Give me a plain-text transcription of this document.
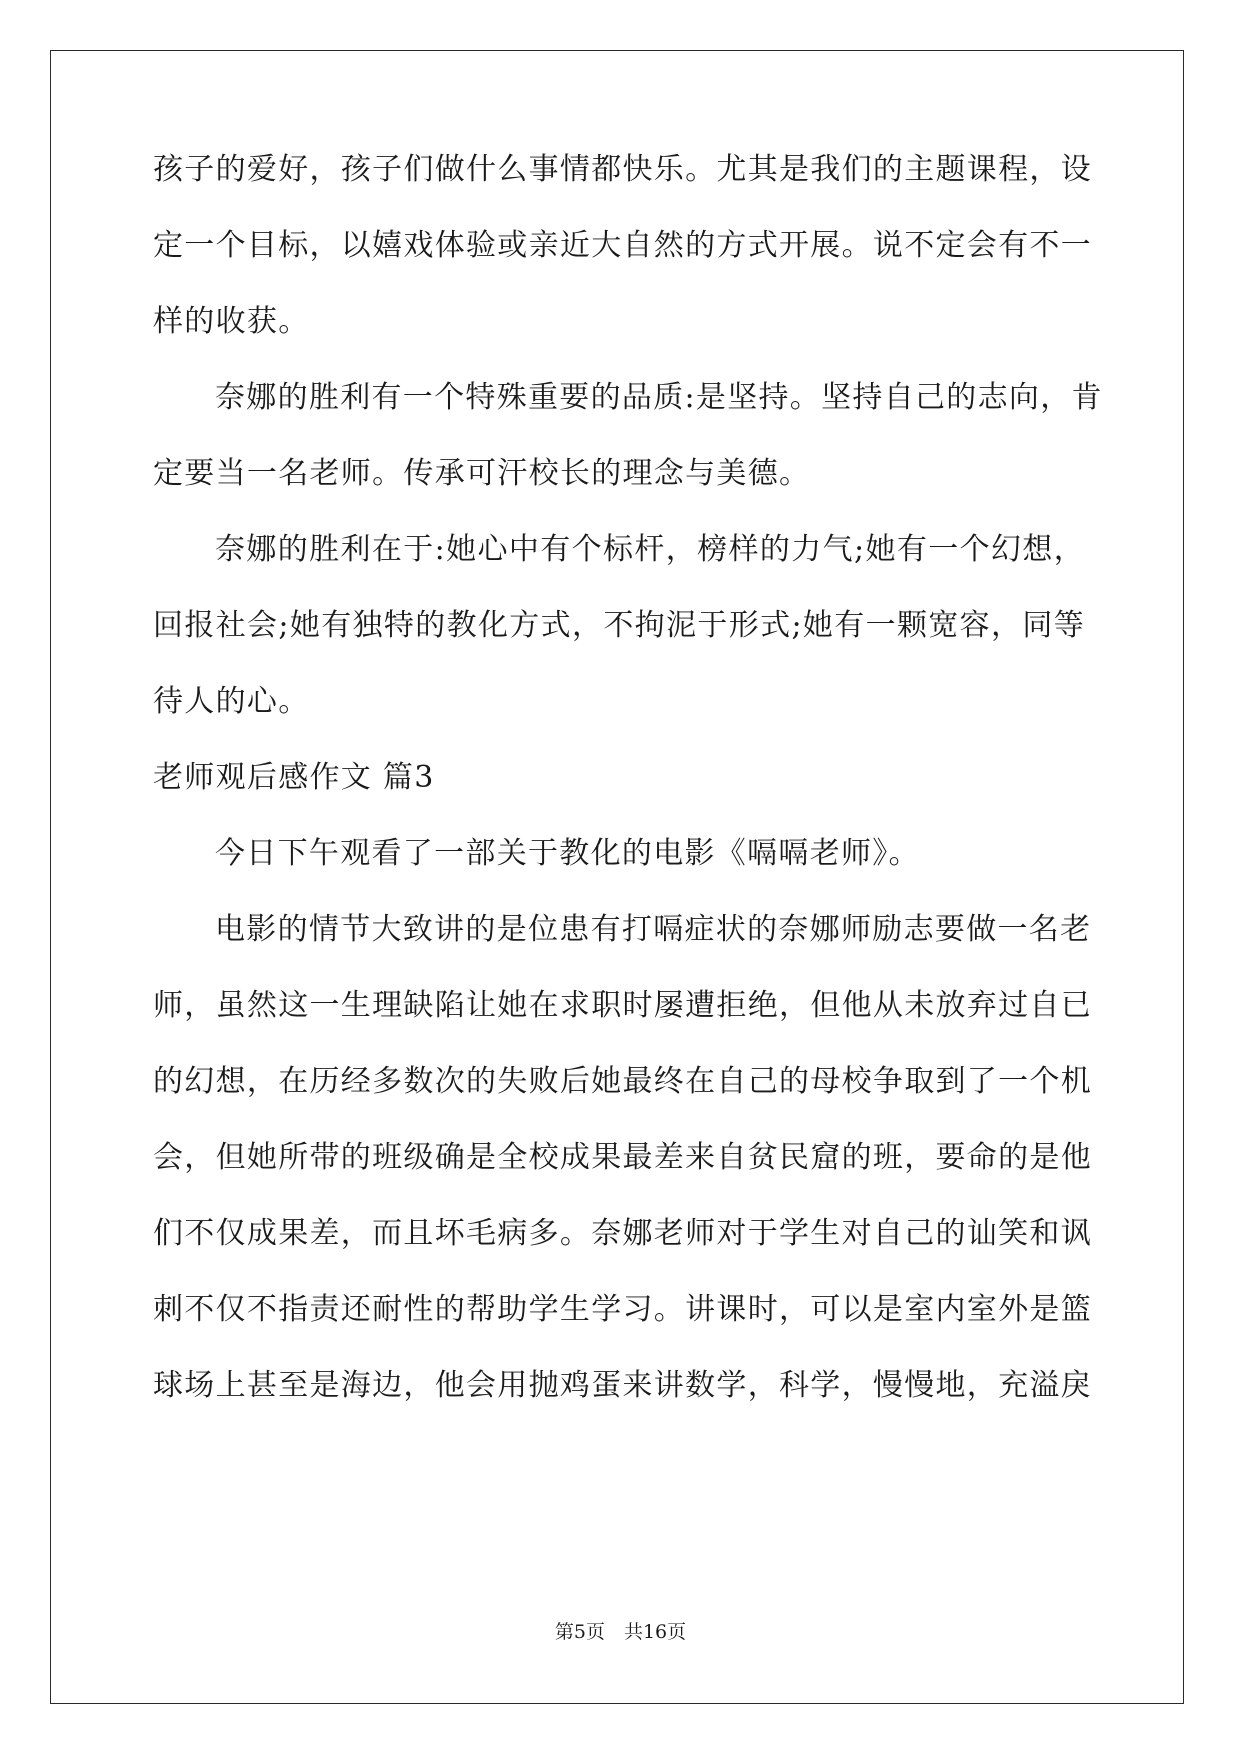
孩子的爱好，孩子们做什么事情都快乐。尤其是我们的主题课程，设
定一个目标，以嬉戏体验或亲近大自然的方式开展。说不定会有不一
样的收获。
奈娜的胜利有一个特殊重要的品质:是坚持。坚持自己的志向，肯
定要当一名老师。传承可汗校长的理念与美德。
奈娜的胜利在于:她心中有个标杆，榜样的力气;她有一个幻想，
回报社会;她有独特的教化方式，不拘泥于形式;她有一颗宽容，同等
待人的心。
老师观后感作文 篇3
今日下午观看了一部关于教化的电影《嗝嗝老师》。
电影的情节大致讲的是位患有打嗝症状的奈娜师励志要做一名老
师，虽然这一生理缺陷让她在求职时屡遭拒绝，但他从未放弃过自已
的幻想，在历经多数次的失败后她最终在自己的母校争取到了一个机
会，但她所带的班级确是全校成果最差来自贫民窟的班，要命的是他
们不仅成果差，而且坏毛病多。奈娜老师对于学生对自己的讪笑和讽
刺不仅不指责还耐性的帮助学生学习。讲课时，可以是室内室外是篮
球场上甚至是海边，他会用抛鸡蛋来讲数学，科学，慢慢地，充溢戾
第5页　共16页
